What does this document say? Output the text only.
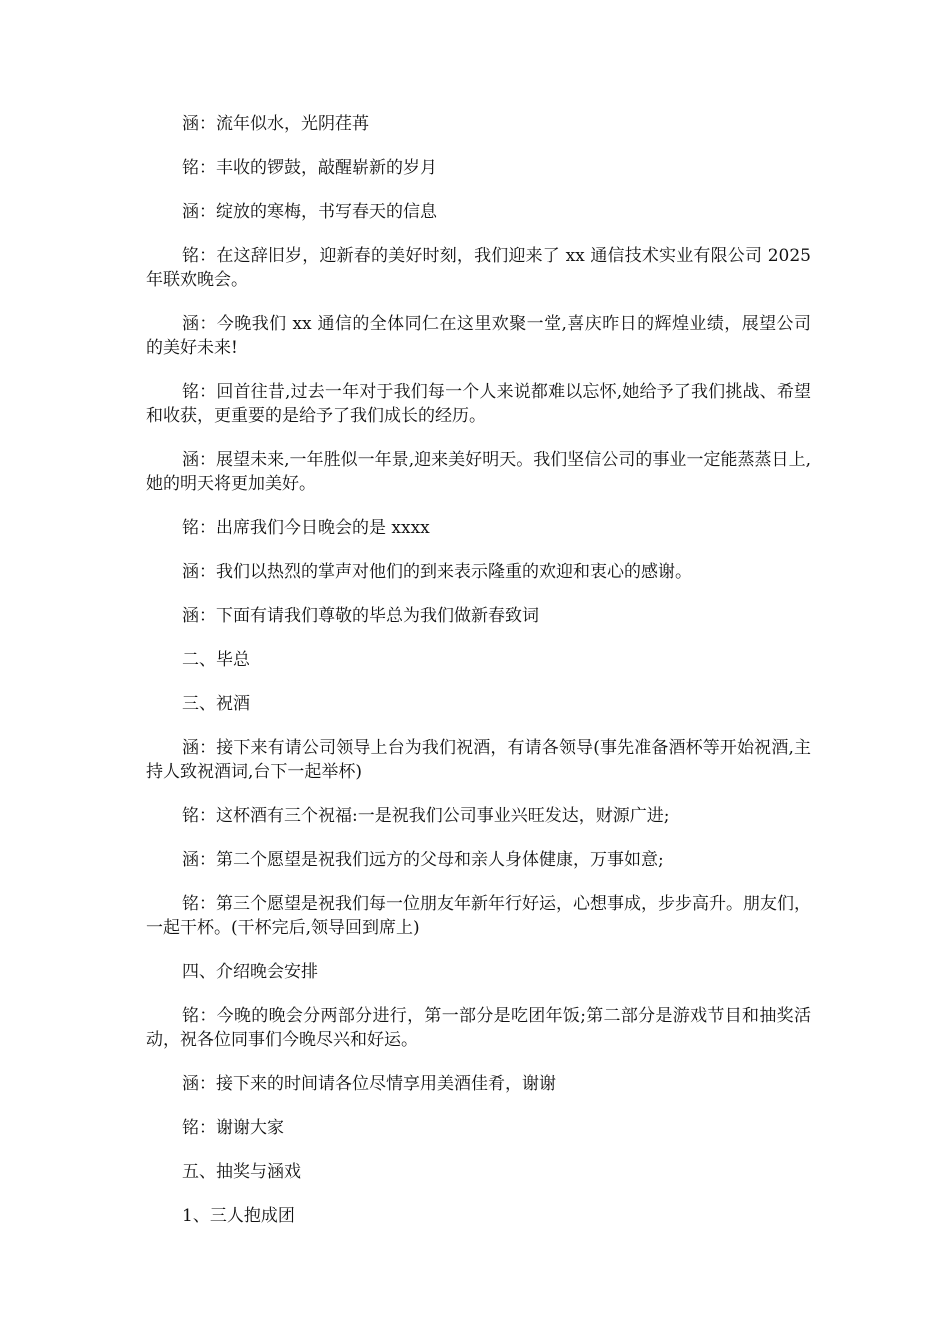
涵：流年似水，光阴荏苒

铭：丰收的锣鼓，敲醒崭新的岁月

涵：绽放的寒梅，书写春天的信息

铭：在这辞旧岁，迎新春的美好时刻，我们迎来了 xx 通信技术实业有限公司 2025 年联欢晚会。

涵：今晚我们 xx 通信的全体同仁在这里欢聚一堂,喜庆昨日的辉煌业绩，展望公司的美好未来!

铭：回首往昔,过去一年对于我们每一个人来说都难以忘怀,她给予了我们挑战、希望和收获，更重要的是给予了我们成长的经历。

涵：展望未来,一年胜似一年景,迎来美好明天。我们坚信公司的事业一定能蒸蒸日上,她的明天将更加美好。

铭：出席我们今日晚会的是 xxxx

涵：我们以热烈的掌声对他们的到来表示隆重的欢迎和衷心的感谢。

涵：下面有请我们尊敬的毕总为我们做新春致词

二、毕总

三、祝酒

涵：接下来有请公司领导上台为我们祝酒，有请各领导(事先准备酒杯等开始祝酒,主持人致祝酒词,台下一起举杯)

铭：这杯酒有三个祝福:一是祝我们公司事业兴旺发达，财源广进;

涵：第二个愿望是祝我们远方的父母和亲人身体健康，万事如意;

铭：第三个愿望是祝我们每一位朋友年新年行好运，心想事成，步步高升。朋友们，一起干杯。(干杯完后,领导回到席上)

四、介绍晚会安排

铭：今晚的晚会分两部分进行，第一部分是吃团年饭;第二部分是游戏节目和抽奖活动，祝各位同事们今晚尽兴和好运。

涵：接下来的时间请各位尽情享用美酒佳肴，谢谢

铭：谢谢大家

五、抽奖与涵戏

1、三人抱成团
